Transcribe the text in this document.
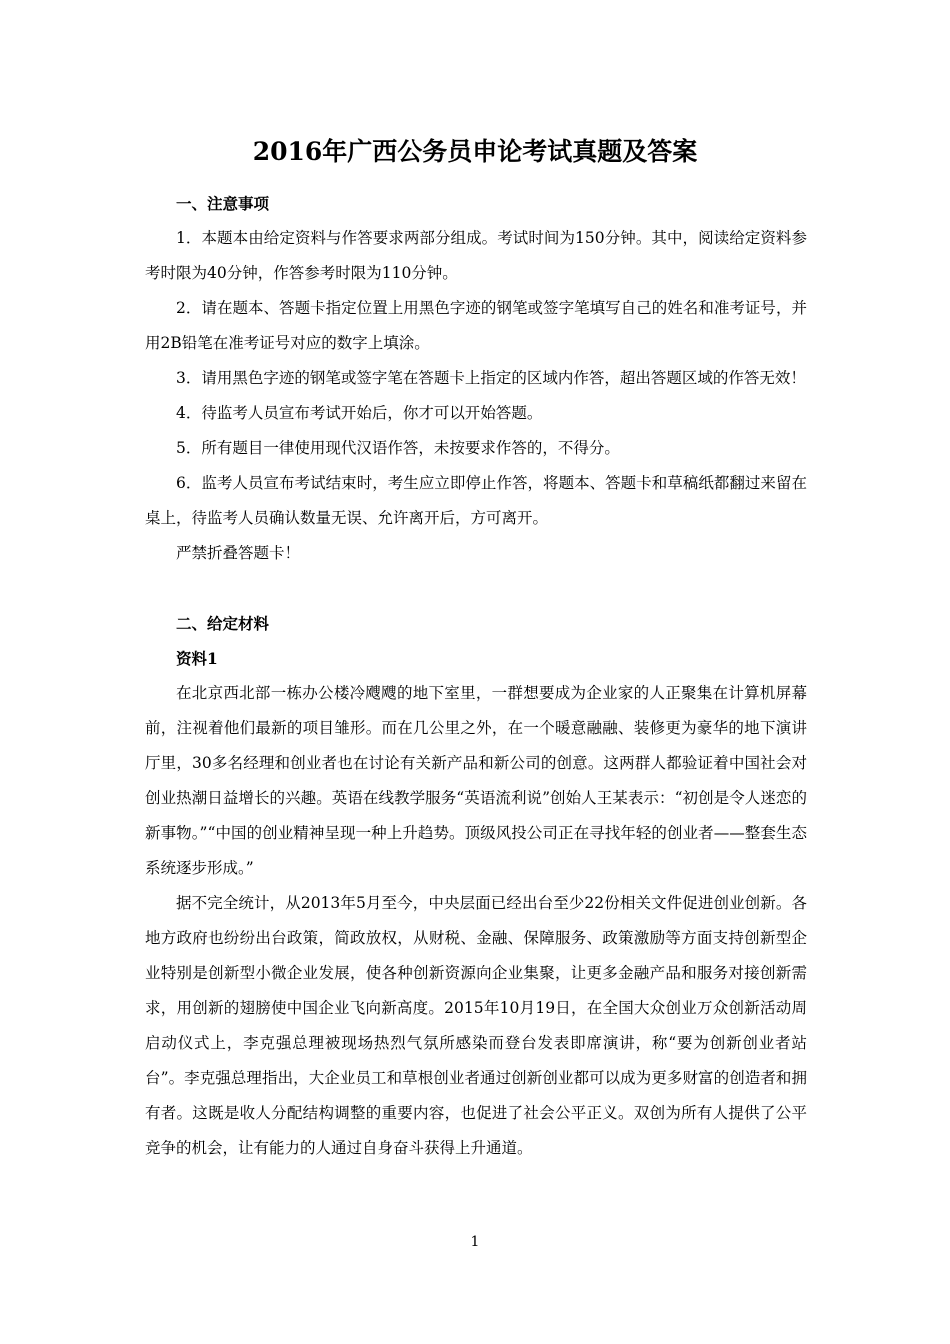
2016年广西公务员申论考试真题及答案

一、注意事项

1．本题本由给定资料与作答要求两部分组成。考试时间为150分钟。其中，阅读给定资料参考时限为40分钟，作答参考时限为110分钟。

2．请在题本、答题卡指定位置上用黑色字迹的钢笔或签字笔填写自己的姓名和准考证号，并用2B铅笔在准考证号对应的数字上填涂。

3．请用黑色字迹的钢笔或签字笔在答题卡上指定的区域内作答，超出答题区域的作答无效！

4．待监考人员宣布考试开始后，你才可以开始答题。

5．所有题目一律使用现代汉语作答，未按要求作答的，不得分。

6．监考人员宣布考试结束时，考生应立即停止作答，将题本、答题卡和草稿纸都翻过来留在桌上，待监考人员确认数量无误、允许离开后，方可离开。

严禁折叠答题卡！

二、给定材料

资料1

在北京西北部一栋办公楼冷飕飕的地下室里，一群想要成为企业家的人正聚集在计算机屏幕前，注视着他们最新的项目雏形。而在几公里之外，在一个暖意融融、装修更为豪华的地下演讲厅里，30多名经理和创业者也在讨论有关新产品和新公司的创意。这两群人都验证着中国社会对创业热潮日益增长的兴趣。英语在线教学服务“英语流利说”创始人王某表示：“初创是令人迷恋的新事物。”“中国的创业精神呈现一种上升趋势。顶级风投公司正在寻找年轻的创业者——整套生态系统逐步形成。”

据不完全统计，从2013年5月至今，中央层面已经出台至少22份相关文件促进创业创新。各地方政府也纷纷出台政策，简政放权，从财税、金融、保障服务、政策激励等方面支持创新型企业特别是创新型小微企业发展，使各种创新资源向企业集聚，让更多金融产品和服务对接创新需求，用创新的翅膀使中国企业飞向新高度。2015年10月19日，在全国大众创业万众创新活动周启动仪式上，李克强总理被现场热烈气氛所感染而登台发表即席演讲，称“要为创新创业者站台”。李克强总理指出，大企业员工和草根创业者通过创新创业都可以成为更多财富的创造者和拥有者。这既是收人分配结构调整的重要内容，也促进了社会公平正义。双创为所有人提供了公平竞争的机会，让有能力的人通过自身奋斗获得上升通道。

1
